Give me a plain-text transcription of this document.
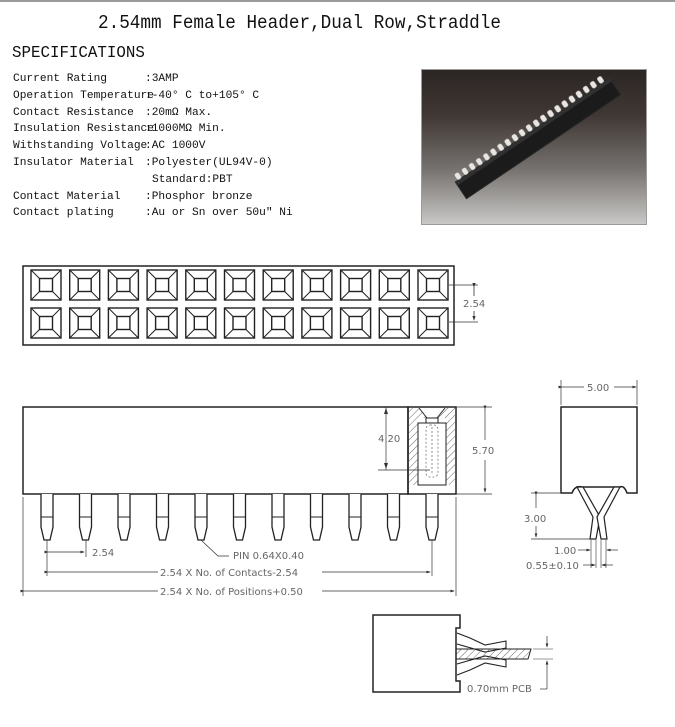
2.54mm Female Header,Dual Row,Straddle
SPECIFICATIONS
Current Rating	:3AMP
Operation Temperature
:-40° C to+105° C
Contact Resistance :20mΩ Max.
Insulation Resistance
:1000MΩ Min.
Withstanding Voltage
:AC 1000V
Insulator Material :Polyester(UL94V-0)
Standard:PBT
Contact Material :Phosphor bronze
Contact plating	:Au or Sn over 50u" Ni
2.54
4.20
5.70
2.54	PIN 0.64X0.40
2.54 X No. of Contacts-2.54
2.54 X No. of Positions+0.50
5.00
3.00
1.00
0.55±0.10
0.70mm PCB
